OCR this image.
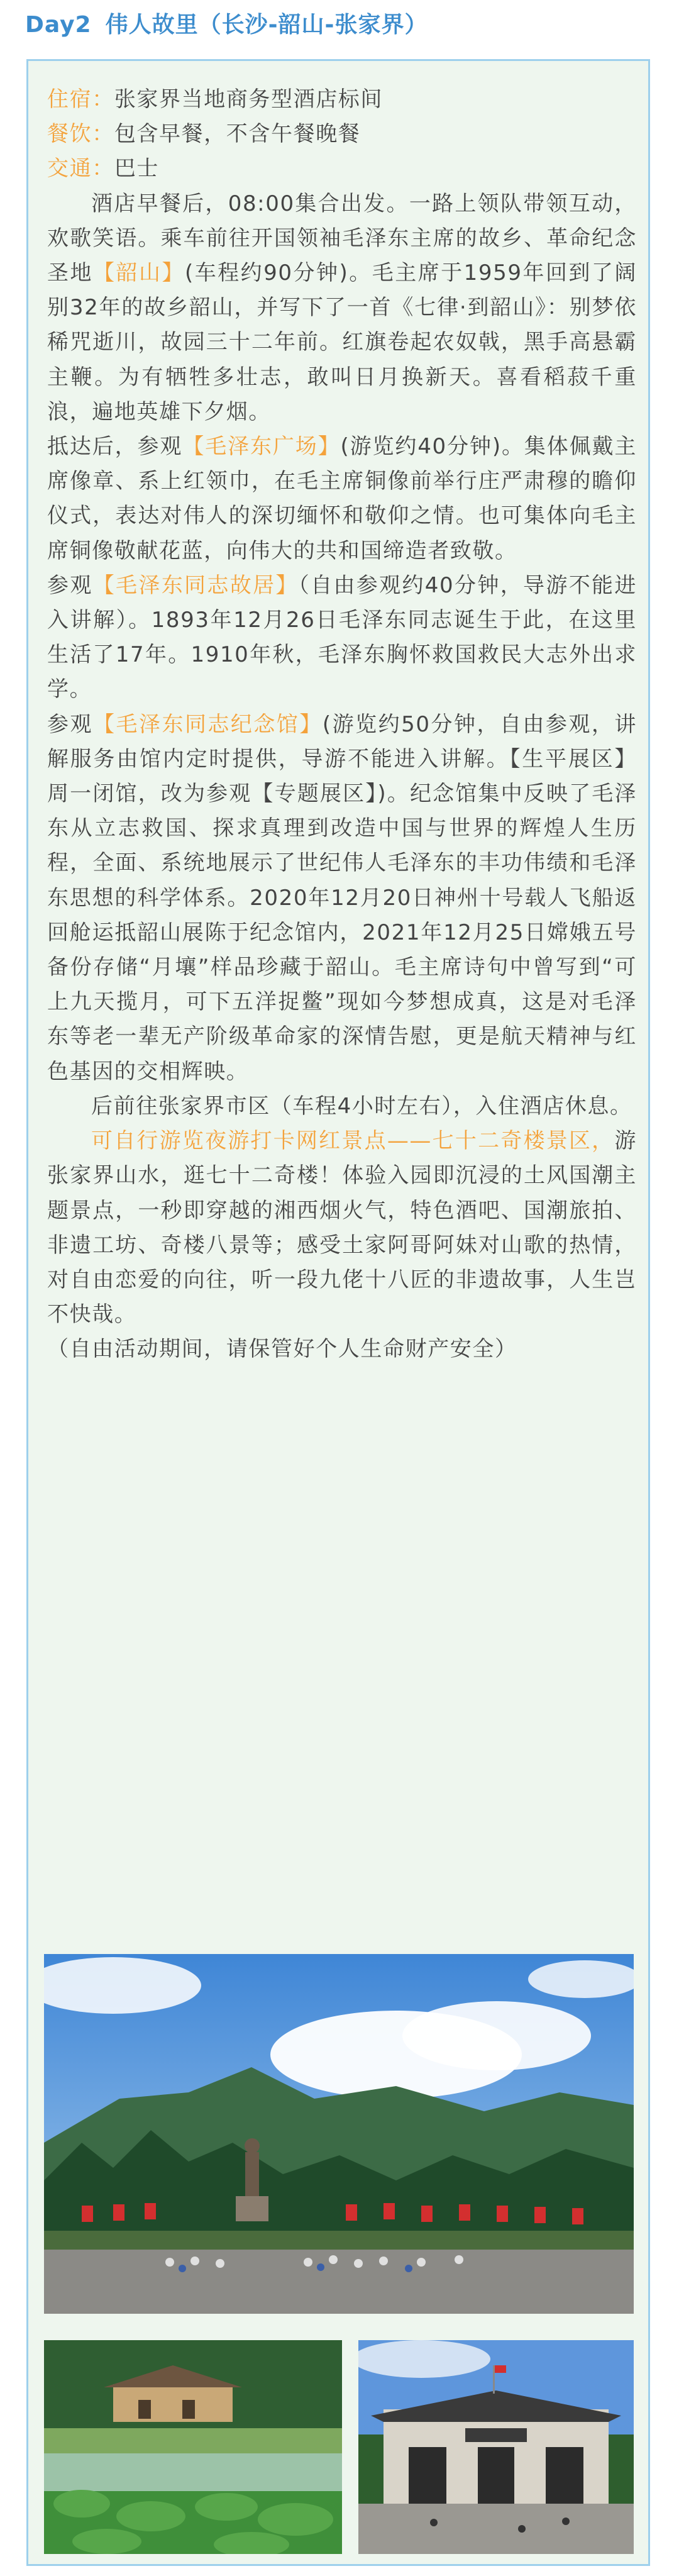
Day2 伟人故里（长沙-韶山-张家界）

住宿：张家界当地商务型酒店标间

餐饮：包含早餐，不含午餐晚餐

交通：巴士

酒店早餐后，08:00集合出发。一路上领队带领互动，欢歌笑语。乘车前往开国领袖毛泽东主席的故乡、革命纪念圣地【韶山】(车程约90分钟)。毛主席于1959年回到了阔别32年的故乡韶山，并写下了一首《七律·到韶山》：别梦依稀咒逝川，故园三十二年前。红旗卷起农奴戟，黑手高悬霸主鞭。为有牺牲多壮志，敢叫日月换新天。喜看稻菽千重浪，遍地英雄下夕烟。

抵达后，参观【毛泽东广场】(游览约40分钟)。集体佩戴主席像章、系上红领巾，在毛主席铜像前举行庄严肃穆的瞻仰仪式，表达对伟人的深切缅怀和敬仰之情。也可集体向毛主席铜像敬献花蓝，向伟大的共和国缔造者致敬。

参观【毛泽东同志故居】（自由参观约40分钟，导游不能进入讲解）。1893年12月26日毛泽东同志诞生于此，在这里生活了17年。1910年秋，毛泽东胸怀救国救民大志外出求学。

参观【毛泽东同志纪念馆】(游览约50分钟，自由参观，讲解服务由馆内定时提供，导游不能进入讲解。【生平展区】周一闭馆，改为参观【专题展区】)。纪念馆集中反映了毛泽东从立志救国、探求真理到改造中国与世界的辉煌人生历程，全面、系统地展示了世纪伟人毛泽东的丰功伟绩和毛泽东思想的科学体系。2020年12月20日神州十号载人飞船返回舱运抵韶山展陈于纪念馆内，2021年12月25日嫦娥五号备份存储“月壤”样品珍藏于韶山。毛主席诗句中曾写到“可上九天揽月，可下五洋捉鳖”现如今梦想成真，这是对毛泽东等老一辈无产阶级革命家的深情告慰，更是航天精神与红色基因的交相辉映。

后前往张家界市区（车程4小时左右），入住酒店休息。

可自行游览夜游打卡网红景点——七十二奇楼景区，游张家界山水，逛七十二奇楼！体验入园即沉浸的土风国潮主题景点，一秒即穿越的湘西烟火气，特色酒吧、国潮旅拍、非遗工坊、奇楼八景等；感受土家阿哥阿妹对山歌的热情，对自由恋爱的向往，听一段九佬十八匠的非遗故事，人生岂不快哉。

（自由活动期间，请保管好个人生命财产安全）
